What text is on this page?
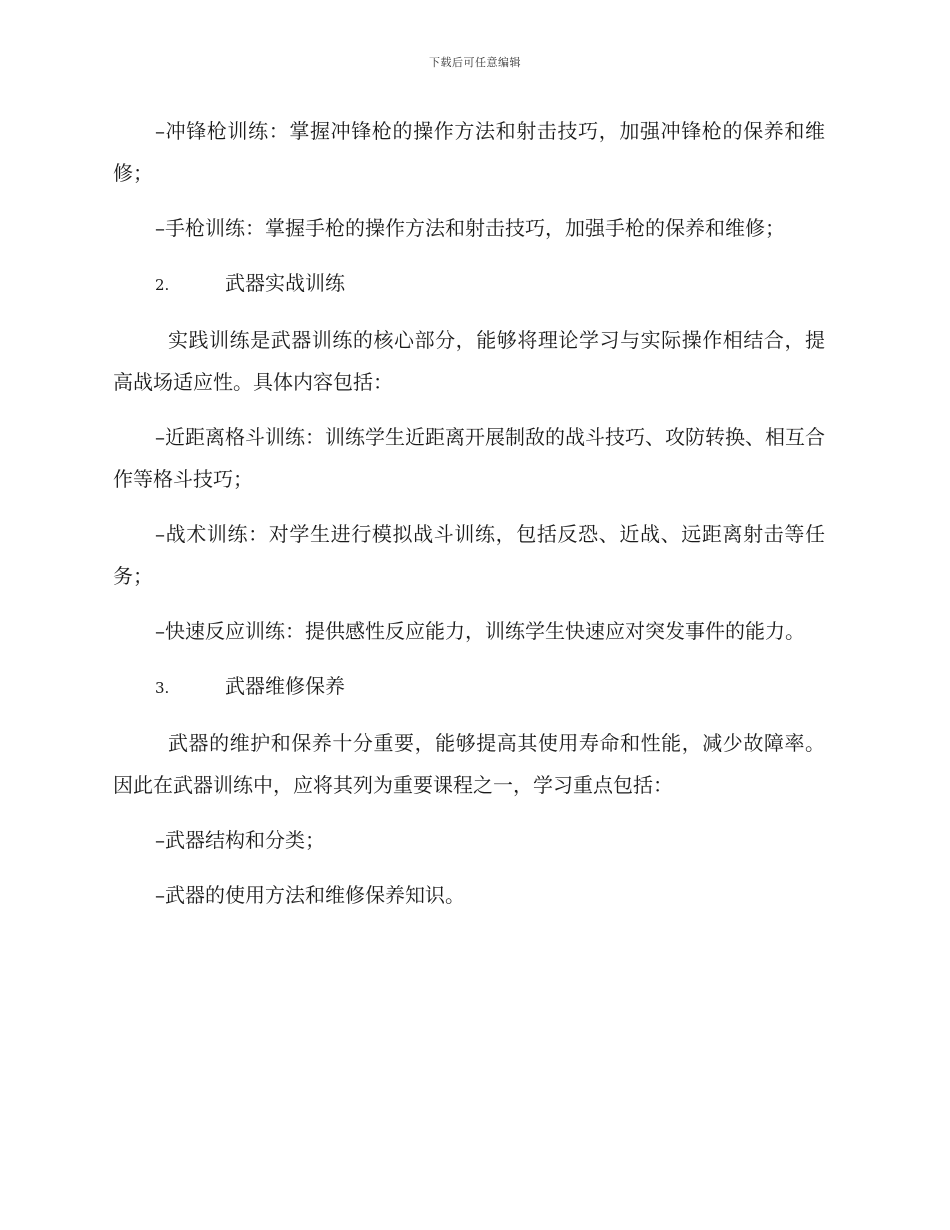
下载后可任意编辑

–冲锋枪训练：掌握冲锋枪的操作方法和射击技巧，加强冲锋枪的保养和维修；

–手枪训练：掌握手枪的操作方法和射击技巧，加强手枪的保养和维修；

2.	武器实战训练

实践训练是武器训练的核心部分，能够将理论学习与实际操作相结合，提高战场适应性。具体内容包括：

–近距离格斗训练：训练学生近距离开展制敌的战斗技巧、攻防转换、相互合作等格斗技巧；

–战术训练：对学生进行模拟战斗训练，包括反恐、近战、远距离射击等任务；

–快速反应训练：提供感性反应能力，训练学生快速应对突发事件的能力。

3.	武器维修保养

武器的维护和保养十分重要，能够提高其使用寿命和性能，减少故障率。因此在武器训练中，应将其列为重要课程之一，学习重点包括：

–武器结构和分类；

–武器的使用方法和维修保养知识。
